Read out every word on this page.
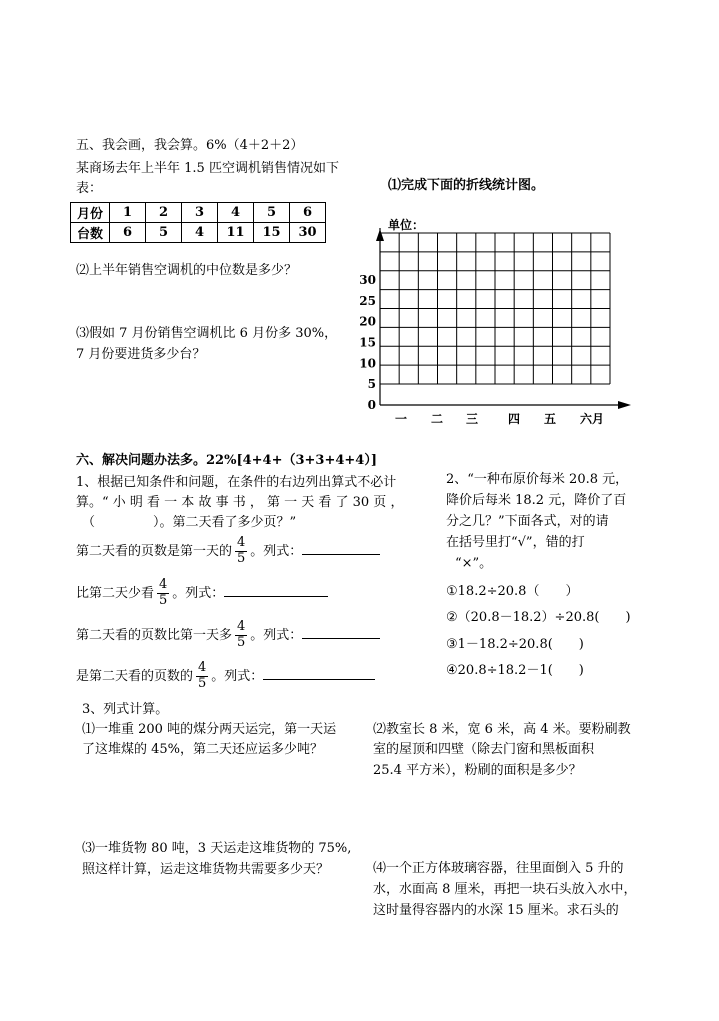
五、我会画，我会算。6%（4＋2＋2）
某商场去年上半年 1.5 匹空调机销售情况如下
表：
月份	1	2	3	4	5	6
台数	6	5	4	11	15	30
⑴完成下面的折线统计图。
⑵上半年销售空调机的中位数是多少？
⑶假如 7 月份销售空调机比 6 月份多 30%，
7 月份要进货多少台？
单位：
0
5
10
15
20
25
30
一 二 三 四 五 六月
六、解决问题办法多。22%[4+4+（3+3+4+4）]
1、根据已知条件和问题，在条件的右边列出算式不必计
算。“ 小 明 看 一 本 故 事 书 ， 第 一 天 看 了 30 页 ，
（	）。第二天看了多少页？”
第二天看的页数是第一天的 $\frac{4}{5}$ 。列式：
比第二天少看 $\frac{4}{5}$ 。列式：
第二天看的页数比第一天多 $\frac{4}{5}$ 。列式：
是第二天看的页数的 $\frac{4}{5}$ 。列式：
2、“一种布原价每米 20.8 元，
降价后每米 18.2 元，降价了百
分之几？”下面各式，对的请
在括号里打“√”，错的打
“×”。
①18.2÷20.8（　　）
②（20.8－18.2）÷20.8(　　)
③1－18.2÷20.8(　　)
④20.8÷18.2－1(　　)
3、列式计算。
⑴一堆重 200 吨的煤分两天运完，第一天运
了这堆煤的 45%，第二天还应运多少吨？
⑵教室长 8 米，宽 6 米，高 4 米。要粉刷教
室的屋顶和四壁（除去门窗和黑板面积
25.4 平方米），粉刷的面积是多少？
⑶一堆货物 80 吨，3 天运走这堆货物的 75%,
照这样计算，运走这堆货物共需要多少天？	⑷一个正方体玻璃容器，往里面倒入 5 升的
水，水面高 8 厘米，再把一块石头放入水中，
这时量得容器内的水深 15 厘米。求石头的
